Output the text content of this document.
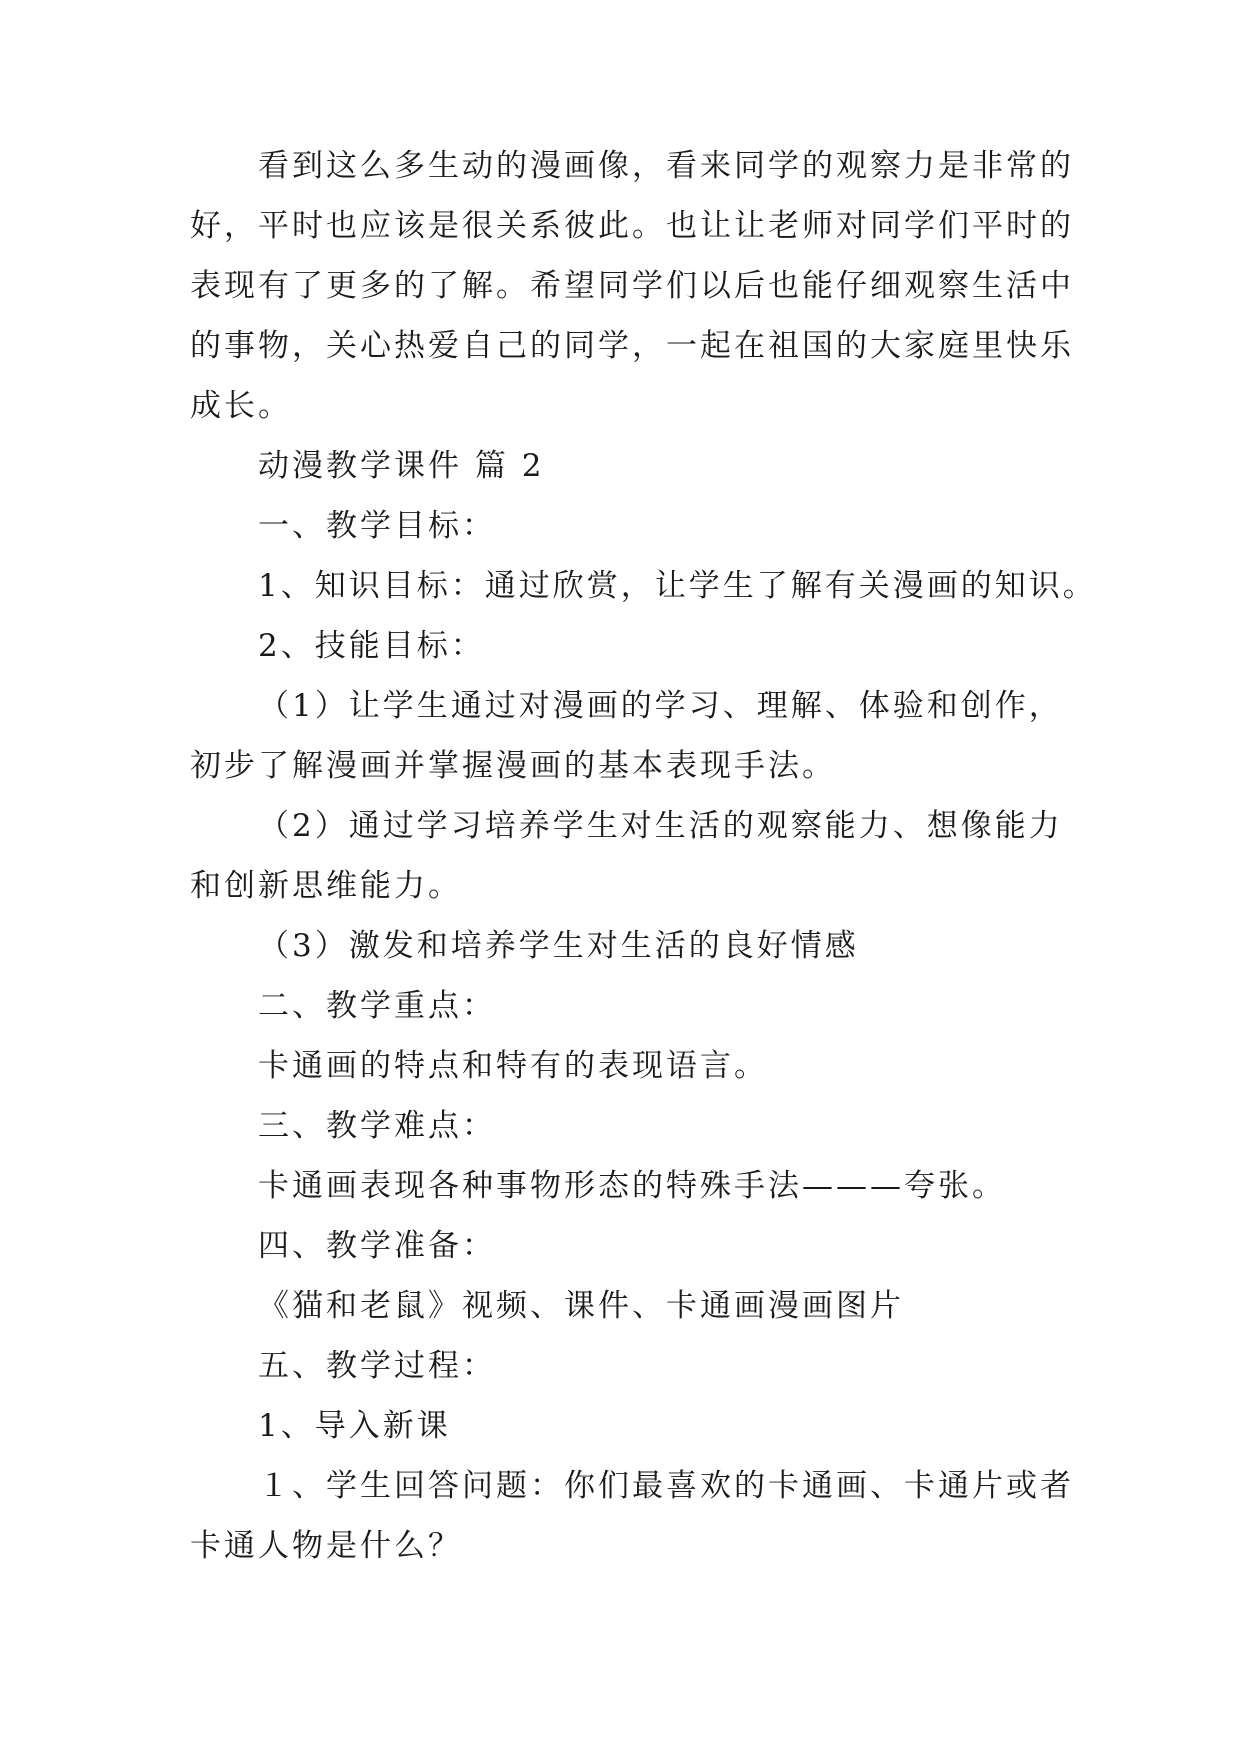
看到这么多生动的漫画像，看来同学的观察力是非常的
好，平时也应该是很关系彼此。也让让老师对同学们平时的
表现有了更多的了解。希望同学们以后也能仔细观察生活中
的事物，关心热爱自己的同学，一起在祖国的大家庭里快乐
成长。
动漫教学课件 篇 2
一、教学目标：
1、知识目标：通过欣赏，让学生了解有关漫画的知识。
2、技能目标：
（1）让学生通过对漫画的学习、理解、体验和创作，
初步了解漫画并掌握漫画的基本表现手法。
（2）通过学习培养学生对生活的观察能力、想像能力
和创新思维能力。
（3）激发和培养学生对生活的良好情感
二、教学重点：
卡通画的特点和特有的表现语言。
三、教学难点：
卡通画表现各种事物形态的特殊手法———夸张。
四、教学准备：
《猫和老鼠》视频、课件、卡通画漫画图片
五、教学过程：
1、导入新课
１、学生回答问题：你们最喜欢的卡通画、卡通片或者
卡通人物是什么？
